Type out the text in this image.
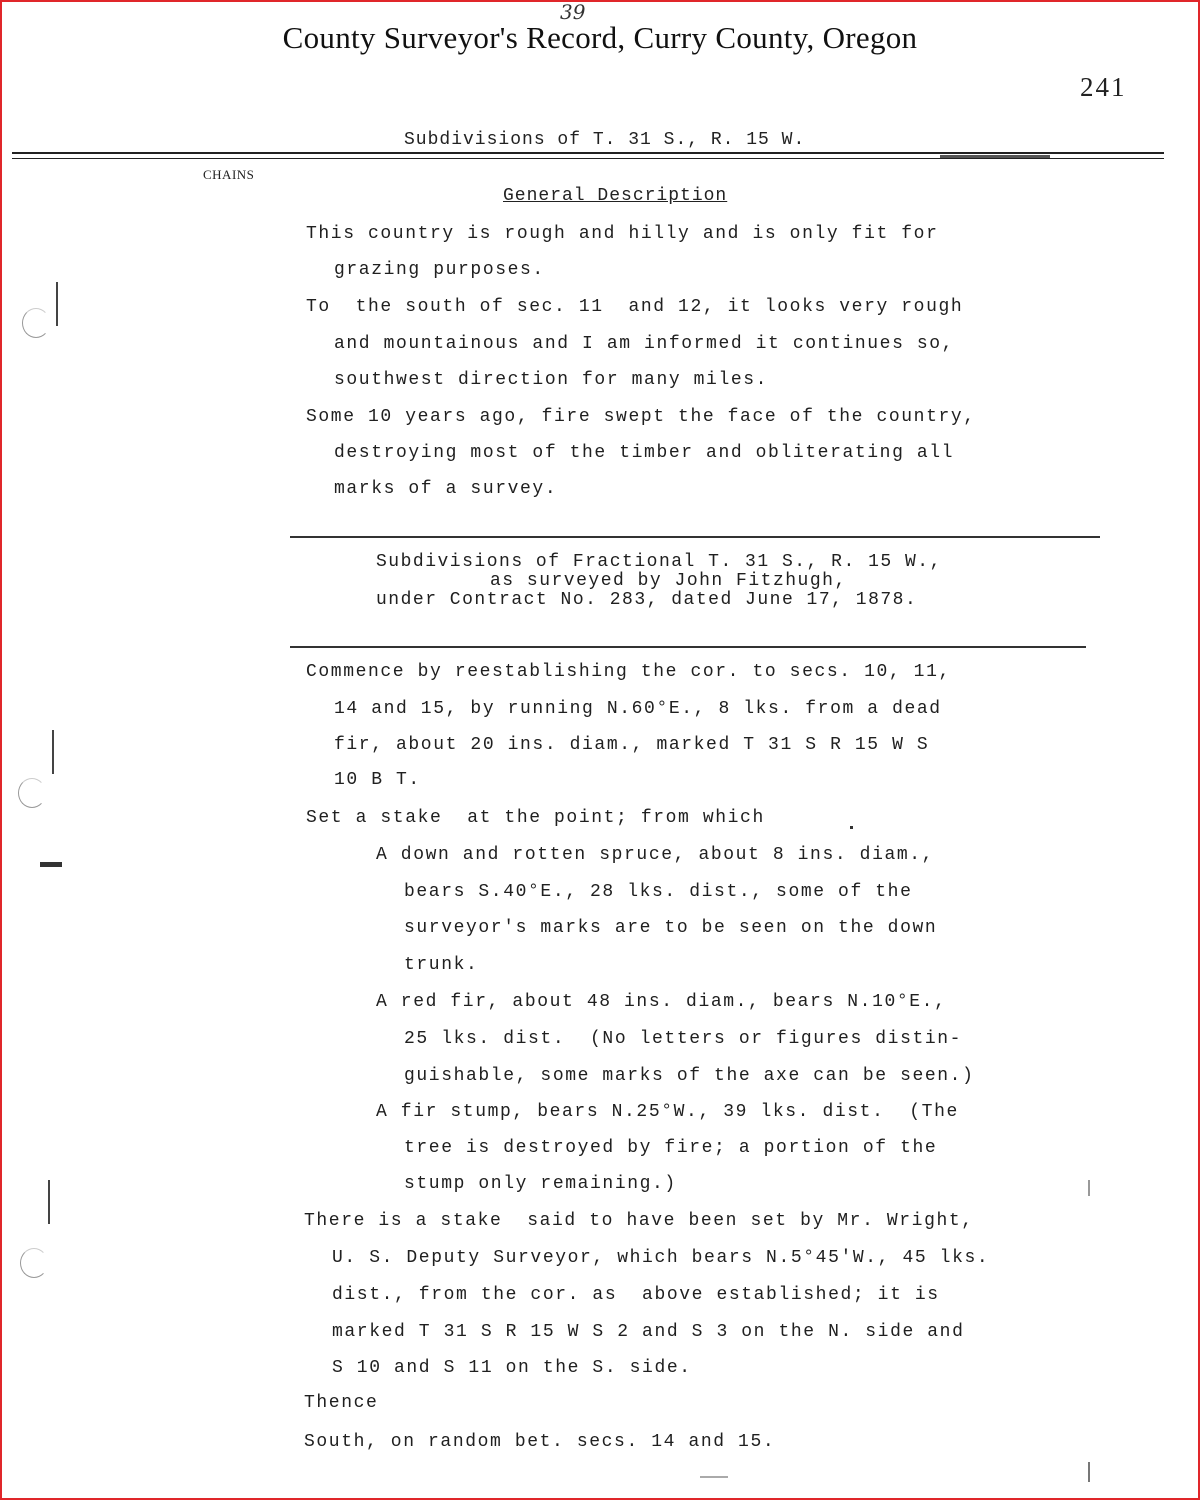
39
County Surveyor's Record, Curry County, Oregon
241
Subdivisions of T. 31 S., R. 15 W.
CHAINS
General Description
This country is rough and hilly and is only fit for
grazing purposes.
To  the south of sec. 11  and 12, it looks very rough
and mountainous and I am informed it continues so,
southwest direction for many miles.
Some 10 years ago, fire swept the face of the country,
destroying most of the timber and obliterating all
marks of a survey.
Subdivisions of Fractional T. 31 S., R. 15 W.,
as surveyed by John Fitzhugh,
under Contract No. 283, dated June 17, 1878.
Commence by reestablishing the cor. to secs. 10, 11,
14 and 15, by running N.60°E., 8 lks. from a dead
fir, about 20 ins. diam., marked T 31 S R 15 W S
10 B T.
Set a stake  at the point; from which
A down and rotten spruce, about 8 ins. diam.,
bears S.40°E., 28 lks. dist., some of the
surveyor's marks are to be seen on the down
trunk.
A red fir, about 48 ins. diam., bears N.10°E.,
25 lks. dist.  (No letters or figures distin-
guishable, some marks of the axe can be seen.)
A fir stump, bears N.25°W., 39 lks. dist.  (The
tree is destroyed by fire; a portion of the
stump only remaining.)
There is a stake  said to have been set by Mr. Wright,
U. S. Deputy Surveyor, which bears N.5°45'W., 45 lks.
dist., from the cor. as  above established; it is
marked T 31 S R 15 W S 2 and S 3 on the N. side and
S 10 and S 11 on the S. side.
Thence
South, on random bet. secs. 14 and 15.
